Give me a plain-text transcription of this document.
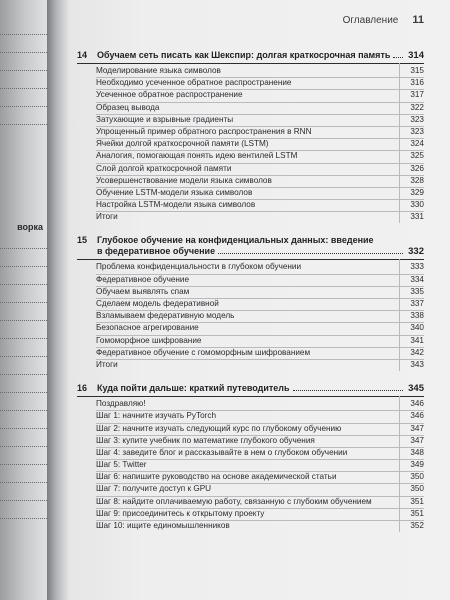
ворка
Оглавление 11
14	Обучаем сеть писать как Шекспир: долгая краткосрочная память 314
Моделирование языка символов	315
Необходимо усеченное обратное распространение	316
Усеченное обратное распространение	317
Образец вывода	322
Затухающие и взрывные градиенты	323
Упрощенный пример обратного распространения в RNN	323
Ячейки долгой краткосрочной памяти (LSTM)	324
Аналогия, помогающая понять идею вентилей LSTM	325
Слой долгой краткосрочной памяти	326
Усовершенствование модели языка символов	328
Обучение LSTM-модели языка символов	329
Настройка LSTM-модели языка символов	330
Итоги	331
15	Глубокое обучение на конфиденциальных данных: введение
в федеративное обучение	332
Проблема конфиденциальности в глубоком обучении	333
Федеративное обучение	334
Обучаем выявлять спам	335
Сделаем модель федеративной	337
Взламываем федеративную модель	338
Безопасное агрегирование	340
Гомоморфное шифрование	341
Федеративное обучение с гомоморфным шифрованием	342
Итоги	343
16	Куда пойти дальше: краткий путеводитель	345
Поздравляю!	346
Шаг 1: начните изучать PyTorch	346
Шаг 2: начните изучать следующий курс по глубокому обучению	347
Шаг 3: купите учебник по математике глубокого обучения	347
Шаг 4: заведите блог и рассказывайте в нем о глубоком обучении	348
Шаг 5: Twitter	349
Шаг 6: напишите руководство на основе академической статьи	350
Шаг 7: получите доступ к GPU	350
Шаг 8: найдите оплачиваемую работу, связанную с глубоким обучением	351
Шаг 9: присоединитесь к открытому проекту	351
Шаг 10: ищите единомышленников	352
